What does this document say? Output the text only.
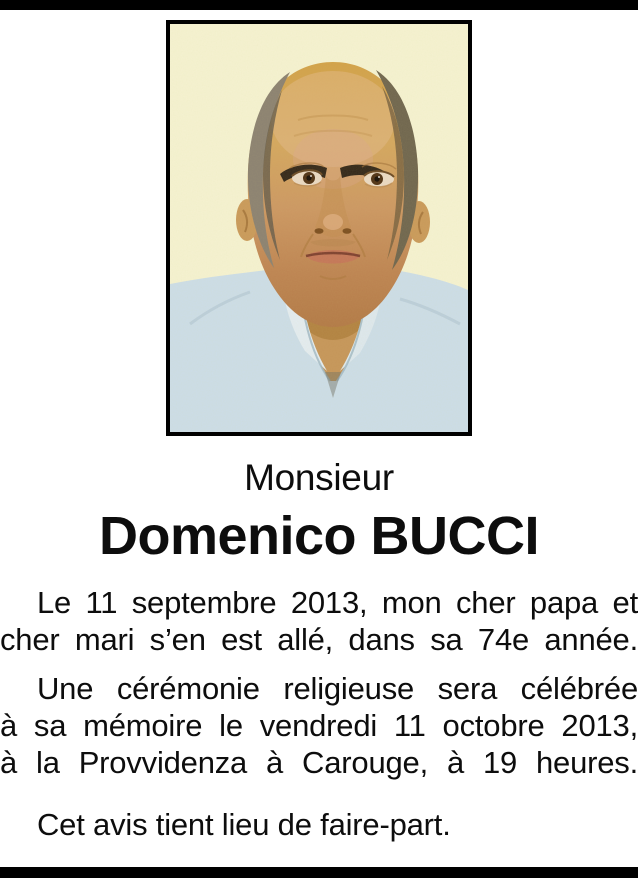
Monsieur
Domenico BUCCI

Le 11 septembre 2013, mon cher papa et

cher mari s’en est allé, dans sa 74e année.

Une cérémonie religieuse sera célébrée

à sa mémoire le vendredi 11 octobre 2013,

à la Provvidenza à Carouge, à 19 heures.

Cet avis tient lieu de faire-part.
